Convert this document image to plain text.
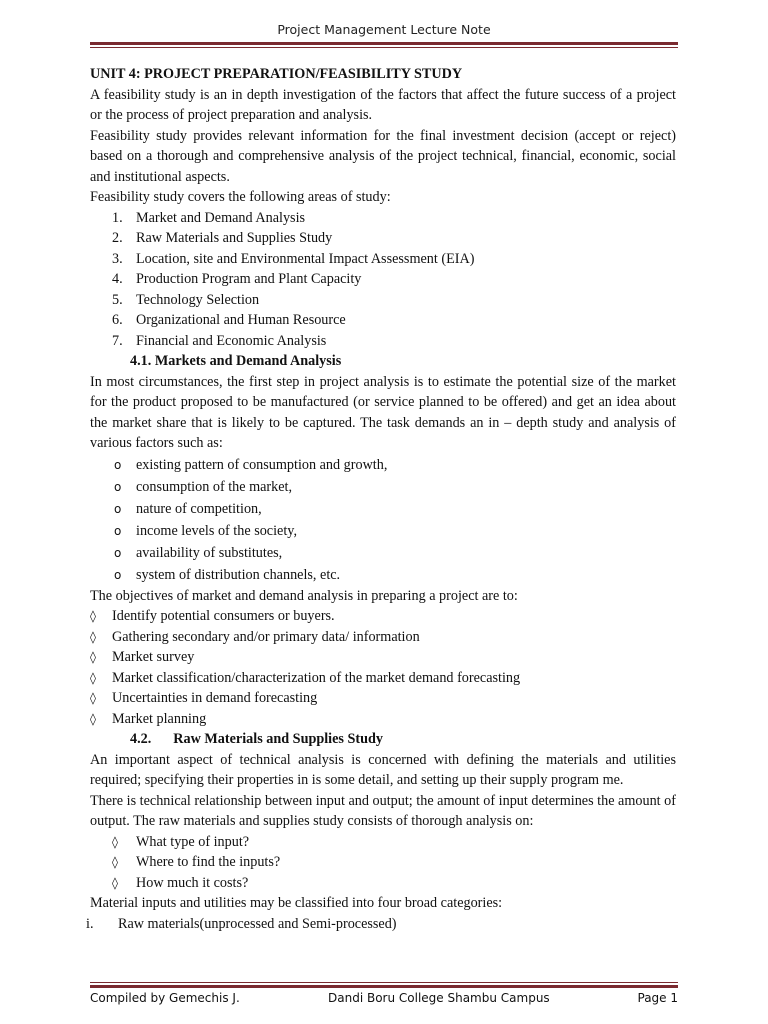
Project Management Lecture Note
UNIT 4: PROJECT PREPARATION/FEASIBILITY STUDY
A feasibility study is an in depth investigation of the factors that affect the future success of a project or the process of project preparation and analysis.
Feasibility study provides relevant information for the final investment decision (accept or reject) based on a thorough and comprehensive analysis of the project technical, financial, economic, social and institutional aspects.
Feasibility study covers the following areas of study:
1. Market and Demand Analysis
2. Raw Materials and Supplies Study
3. Location, site and Environmental Impact Assessment (EIA)
4. Production Program and Plant Capacity
5. Technology Selection
6. Organizational and Human Resource
7. Financial and Economic Analysis
4.1. Markets and Demand Analysis
In most circumstances, the first step in project analysis is to estimate the potential size of the market for the product proposed to be manufactured (or service planned to be offered) and get an idea about the market share that is likely to be captured. The task demands an in – depth study and analysis of various factors such as:
o existing pattern of consumption and growth,
o consumption of the market,
o nature of competition,
o income levels of the society,
o availability of substitutes,
o system of distribution channels, etc.
The objectives of market and demand analysis in preparing a project are to:
◊ Identify potential consumers or buyers.
◊ Gathering secondary and/or primary data/ information
◊ Market survey
◊ Market classification/characterization of the market demand forecasting
◊ Uncertainties in demand forecasting
◊ Market planning
4.2. Raw Materials and Supplies Study
An important aspect of technical analysis is concerned with defining the materials and utilities required; specifying their properties in is some detail, and setting up their supply program me.
There is technical relationship between input and output; the amount of input determines the amount of output. The raw materials and supplies study consists of thorough analysis on:
◊ What type of input?
◊ Where to find the inputs?
◊ How much it costs?
Material inputs and utilities may be classified into four broad categories:
i. Raw materials(unprocessed and Semi-processed)
Compiled by Gemechis J.	Dandi Boru College Shambu Campus	Page 1
